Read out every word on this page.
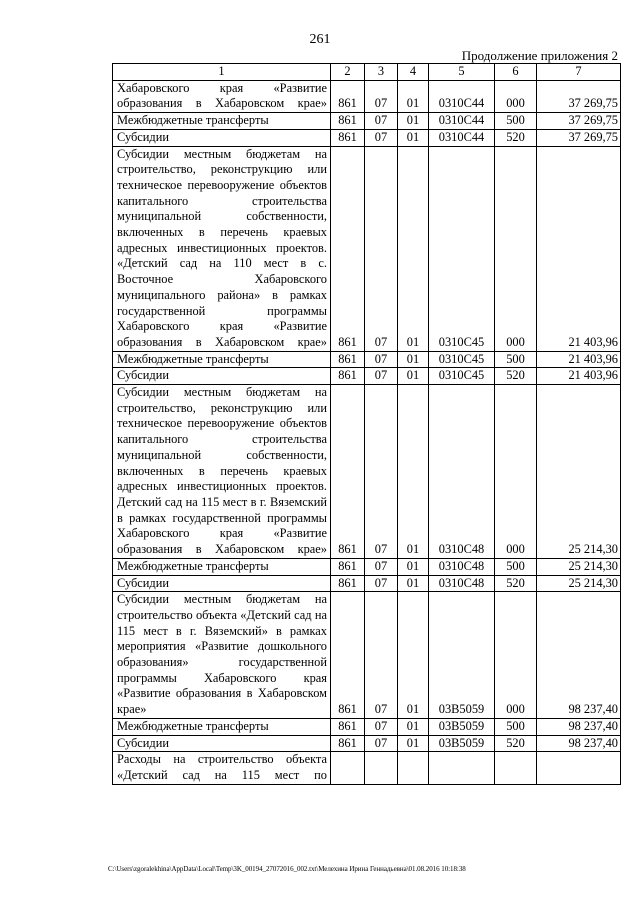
261
Продолжение приложения 2
1	2	3	4	5	6	7
Хабаровского края «Развитие образования в Хабаровском крае»	861	07	01	0310С44	000	37 269,75
Межбюджетные трансферты	861	07	01	0310С44	500	37 269,75
Субсидии	861	07	01	0310С44	520	37 269,75
Субсидии местным бюджетам на строительство, реконструкцию или техническое перевооружение объектов капитального строительства муниципальной собственности, включенных в перечень краевых адресных инвестиционных проектов. «Детский сад на 110 мест в с. Восточное Хабаровского муниципального района» в рамках государственной программы Хабаровского края «Развитие образования в Хабаровском крае»	861	07	01	0310С45	000	21 403,96
Межбюджетные трансферты	861	07	01	0310С45	500	21 403,96
Субсидии	861	07	01	0310С45	520	21 403,96
Субсидии местным бюджетам на строительство, реконструкцию или техническое перевооружение объектов капитального строительства муниципальной собственности, включенных в перечень краевых адресных инвестиционных проектов. Детский сад на 115 мест в г. Вяземский в рамках государственной программы Хабаровского края «Развитие образования в Хабаровском крае»	861	07	01	0310С48	000	25 214,30
Межбюджетные трансферты	861	07	01	0310С48	500	25 214,30
Субсидии	861	07	01	0310С48	520	25 214,30
Субсидии местным бюджетам на строительство объекта «Детский сад на 115 мест в г. Вяземский» в рамках мероприятия «Развитие дошкольного образования» государственной программы Хабаровского края «Развитие образования в Хабаровском крае»	861	07	01	03В5059	000	98 237,40
Межбюджетные трансферты	861	07	01	03В5059	500	98 237,40
Субсидии	861	07	01	03В5059	520	98 237,40
Расходы на строительство объекта «Детский сад на 115 мест по						
C:\Users\zgoralekhina\AppData\Local\Temp\3K_00194_27072016_002.txt\Мелехина Ирина Геннадьевна\01.08.2016 10:18:38
